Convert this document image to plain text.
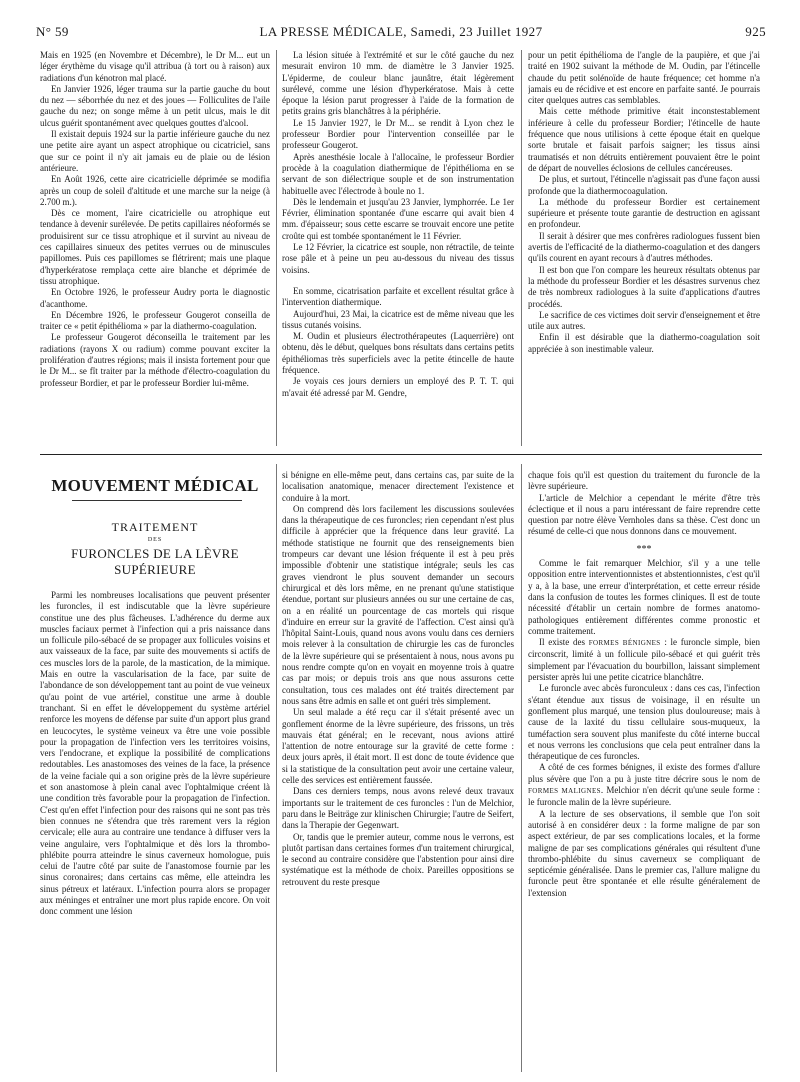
N° 59	LA PRESSE MÉDICALE, Samedi, 23 Juillet 1927	925

Mais en 1925 (en Novembre et Décembre), le Dr M... eut un léger érythème du visage qu'il attribua (à tort ou à raison) aux radiations d'un kénotron mal placé.

En Janvier 1926, léger trauma sur la partie gauche du bout du nez — séborrhée du nez et des joues — Folliculites de l'aile gauche du nez; on songe même à un petit ulcus, mais le dit ulcus guérit spontanément avec quelques gouttes d'alcool.

Il existait depuis 1924 sur la partie inférieure gauche du nez une petite aire ayant un aspect atrophique ou cicatriciel, sans que sur ce point il n'y ait jamais eu de plaie ou de lésion antérieure.

En Août 1926, cette aire cicatricielle déprimée se modifia après un coup de soleil d'altitude et une marche sur la neige (à 2.700 m.).

Dès ce moment, l'aire cicatricielle ou atrophique eut tendance à devenir surélevée. De petits capillaires néoformés se produisirent sur ce tissu atrophique et il survint au niveau de ces capillaires sinueux des petites verrues ou de minuscules papillomes. Puis ces papillomes se flétrirent; mais une plaque d'hyperkératose remplaça cette aire blanche et déprimée de tissu atrophique.

En Octobre 1926, le professeur Audry porta le diagnostic d'acanthome.

En Décembre 1926, le professeur Gougerot conseilla de traiter ce « petit épithélioma » par la diathermo-coagulation.

Le professeur Gougerot déconseilla le traitement par les radiations (rayons X ou radium) comme pouvant exciter la prolifération d'autres régions; mais il insista fortement pour que le Dr M... se fît traiter par la méthode d'électro-coagulation du professeur Bordier, et par le professeur Bordier lui-même.

La lésion située à l'extrémité et sur le côté gauche du nez mesurait environ 10 mm. de diamètre le 3 Janvier 1925. L'épiderme, de couleur blanc jaunâtre, était légèrement surélevé, comme une lésion d'hyperkératose. Mais à cette époque la lésion parut progresser à l'aide de la formation de petits grains gris blanchâtres à la périphérie.

Le 15 Janvier 1927, le Dr M... se rendit à Lyon chez le professeur Bordier pour l'intervention conseillée par le professeur Gougerot.

Après anesthésie locale à l'allocaïne, le professeur Bordier procède à la coagulation diathermique de l'épithélioma en se servant de son diélectrique souple et de son instrumentation habituelle avec l'électrode à boule no 1.

Dès le lendemain et jusqu'au 23 Janvier, lymphorrée. Le 1er Février, élimination spontanée d'une escarre qui avait bien 4 mm. d'épaisseur; sous cette escarre se trouvait encore une petite croûte qui est tombée spontanément le 11 Février.

Le 12 Février, la cicatrice est souple, non rétractile, de teinte rose pâle et à peine un peu au-dessous du niveau des tissus voisins.

En somme, cicatrisation parfaite et excellent résultat grâce à l'intervention diathermique.

Aujourd'hui, 23 Mai, la cicatrice est de même niveau que les tissus cutanés voisins.

M. Oudin et plusieurs électrothérapeutes (Laquerrière) ont obtenu, dès le début, quelques bons résultats dans certains petits épithéliomas très superficiels avec la petite étincelle de haute fréquence.

Je voyais ces jours derniers un employé des P. T. T. qui m'avait été adressé par M. Gendre,

pour un petit épithélioma de l'angle de la paupière, et que j'ai traité en 1902 suivant la méthode de M. Oudin, par l'étincelle chaude du petit solénoïde de haute fréquence; cet homme n'a jamais eu de récidive et est encore en parfaite santé. Je pourrais citer quelques autres cas semblables.

Mais cette méthode primitive était inconstestablement inférieure à celle du professeur Bordier; l'étincelle de haute fréquence que nous utilisions à cette époque était en quelque sorte brutale et faisait parfois saigner; les tissus ainsi traumatisés et non détruits entièrement pouvaient être le point de départ de nouvelles éclosions de cellules cancéreuses.

De plus, et surtout, l'étincelle n'agissait pas d'une façon aussi profonde que la diathermocoagulation.

La méthode du professeur Bordier est certainement supérieure et présente toute garantie de destruction en agissant en profondeur.

Il serait à désirer que mes confrères radiologues fussent bien avertis de l'efficacité de la diathermo-coagulation et des dangers qu'ils courent en ayant recours à d'autres méthodes.

Il est bon que l'on compare les heureux résultats obtenus par la méthode du professeur Bordier et les désastres survenus chez de très nombreux radiologues à la suite d'applications d'autres procédés.

Le sacrifice de ces victimes doit servir d'enseignement et être utile aux autres.

Enfin il est désirable que la diathermo-coagulation soit appréciée à son inestimable valeur.

MOUVEMENT MÉDICAL
TRAITEMENT
DES
FURONCLES DE LA LÈVRE SUPÉRIEURE

Parmi les nombreuses localisations que peuvent présenter les furoncles, il est indiscutable que la lèvre supérieure constitue une des plus fâcheuses. L'adhérence du derme aux muscles faciaux permet à l'infection qui a pris naissance dans un follicule pilo-sébacé de se propager aux follicules voisins et aux vaisseaux de la face, par suite des mouvements si actifs de ces muscles lors de la parole, de la mastication, de la mimique. Mais en outre la vascularisation de la face, par suite de l'abondance de son développement tant au point de vue veineux qu'au point de vue artériel, constitue une arme à double tranchant. Si en effet le développement du système artériel renforce les moyens de défense par suite d'un apport plus grand en leucocytes, le système veineux va être une voie possible pour la propagation de l'infection vers les territoires voisins, vers l'endocrane, et explique la possibilité de complications redoutables. Les anastomoses des veines de la face, la présence de la veine faciale qui a son origine près de la lèvre supérieure et son anastomose à plein canal avec l'ophtalmique créent là une condition très favorable pour la propagation de l'infection. C'est qu'en effet l'infection pour des raisons qui ne sont pas très bien connues ne s'étendra que très rarement vers la région cervicale; elle aura au contraire une tendance à diffuser vers la veine angulaire, vers l'ophtalmique et dès lors la thrombo-phlébite pourra atteindre le sinus caverneux homologue, puis celui de l'autre côté par suite de l'anastomose fournie par les sinus coronaires; dans certains cas même, elle atteindra les sinus pétreux et latéraux. L'infection pourra alors se propager aux méninges et entraîner une mort plus rapide encore. On voit donc comment une lésion

si bénigne en elle-même peut, dans certains cas, par suite de la localisation anatomique, menacer directement l'existence et conduire à la mort.

On comprend dès lors facilement les discussions soulevées dans la thérapeutique de ces furoncles; rien cependant n'est plus difficile à apprécier que la fréquence dans leur gravité. La méthode statistique ne fournit que des renseignements bien trompeurs car devant une lésion fréquente il est à peu près impossible d'obtenir une statistique intégrale; seuls les cas graves viendront le plus souvent demander un secours chirurgical et dès lors même, en ne prenant qu'une statistique étendue, portant sur plusieurs années ou sur une certaine de cas, on a en réalité un pourcentage de cas mortels qui risque d'induire en erreur sur la gravité de l'affection. C'est ainsi qu'à l'hôpital Saint-Louis, quand nous avons voulu dans ces derniers mois relever à la consultation de chirurgie les cas de furoncles de la lèvre supérieure qui se présentaient à nous, nous avons pu nous rendre compte qu'on en voyait en moyenne trois à quatre cas par mois; or depuis trois ans que nous assurons cette consultation, tous ces malades ont été traités directement par nous sans être admis en salle et ont guéri très simplement.

Un seul malade a été reçu car il s'était présenté avec un gonflement énorme de la lèvre supérieure, des frissons, un très mauvais état général; en le recevant, nous avions attiré l'attention de notre entourage sur la gravité de cette forme : deux jours après, il était mort. Il est donc de toute évidence que si la statistique de la consultation peut avoir une certaine valeur, celle des services est entièrement faussée.

Dans ces derniers temps, nous avons relevé deux travaux importants sur le traitement de ces furoncles : l'un de Melchior, paru dans le Beiträge zur klinischen Chirurgie; l'autre de Seifert, dans la Therapie der Gegenwart.

Or, tandis que le premier auteur, comme nous le verrons, est plutôt partisan dans certaines formes d'un traitement chirurgical, le second au contraire considère que l'abstention pour ainsi dire systématique est la méthode de choix. Pareilles oppositions se retrouvent du reste presque

chaque fois qu'il est question du traitement du furoncle de la lèvre supérieure.

L'article de Melchior a cependant le mérite d'être très éclectique et il nous a paru intéressant de faire reprendre cette question par notre élève Vernholes dans sa thèse. C'est donc un résumé de celle-ci que nous donnons dans ce mouvement.

***

Comme le fait remarquer Melchior, s'il y a une telle opposition entre interventionnistes et abstentionnistes, c'est qu'il y a, à la base, une erreur d'interprétation, et cette erreur réside dans la confusion de toutes les formes cliniques. Il est de toute nécessité d'établir un certain nombre de formes anatomo-pathologiques entièrement différentes comme pronostic et comme traitement.

Il existe des FORMES BÉNIGNES : le furoncle simple, bien circonscrit, limité à un follicule pilo-sébacé et qui guérit très simplement par l'évacuation du bourbillon, laissant simplement persister après lui une petite cicatrice blanchâtre.

Le furoncle avec abcès furonculeux : dans ces cas, l'infection s'étant étendue aux tissus de voisinage, il en résulte un gonflement plus marqué, une tension plus douloureuse; mais à cause de la laxité du tissu cellulaire sous-muqueux, la tuméfaction sera souvent plus manifeste du côté interne buccal et nous verrons les conclusions que cela peut entraîner dans la thérapeutique de ces furoncles.

A côté de ces formes bénignes, il existe des formes d'allure plus sévère que l'on a pu à juste titre décrire sous le nom de FORMES MALIGNES. Melchior n'en décrit qu'une seule forme : le furoncle malin de la lèvre supérieure.

A la lecture de ses observations, il semble que l'on soit autorisé à en considérer deux : la forme maligne de par son aspect extérieur, de par ses complications locales, et la forme maligne de par ses complications générales qui résultent d'une thrombo-phlébite du sinus caverneux se compliquant de septicémie généralisée. Dans le premier cas, l'allure maligne du furoncle peut être spontanée et elle résulte généralement de l'extension
